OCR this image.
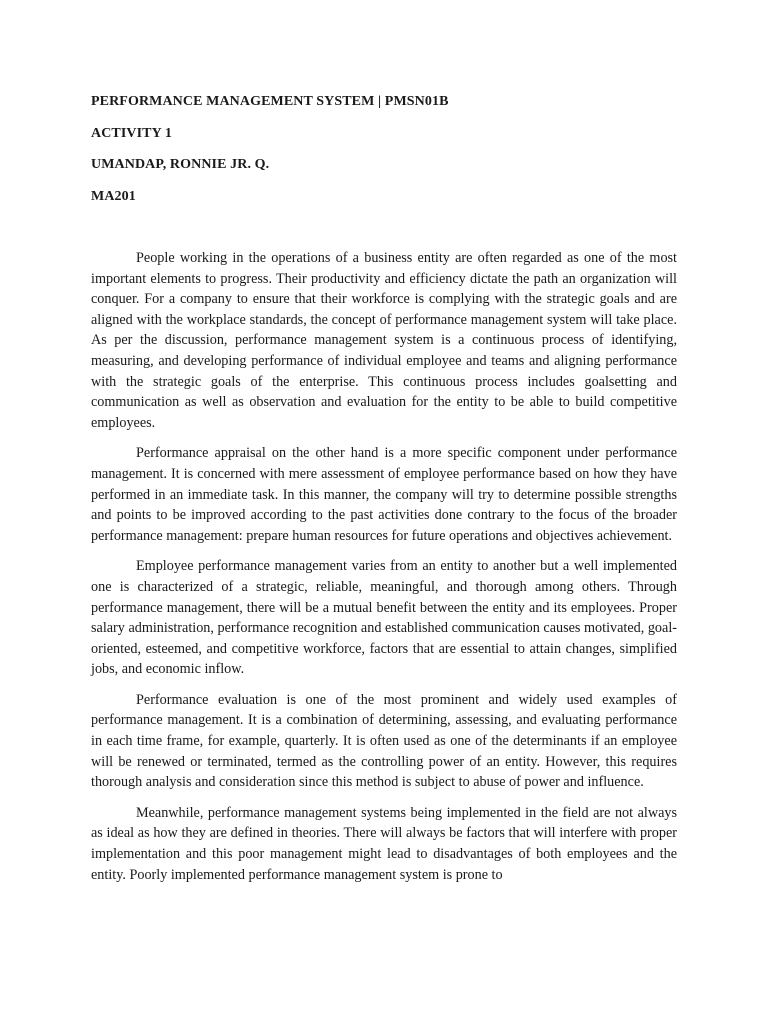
PERFORMANCE MANAGEMENT SYSTEM | PMSN01B
ACTIVITY 1
UMANDAP, RONNIE JR. Q.
MA201

People working in the operations of a business entity are often regarded as one of the most important elements to progress. Their productivity and efficiency dictate the path an organization will conquer. For a company to ensure that their workforce is complying with the strategic goals and are aligned with the workplace standards, the concept of performance management system will take place. As per the discussion, performance management system is a continuous process of identifying, measuring, and developing performance of individual employee and teams and aligning performance with the strategic goals of the enterprise. This continuous process includes goalsetting and communication as well as observation and evaluation for the entity to be able to build competitive employees.

Performance appraisal on the other hand is a more specific component under performance management. It is concerned with mere assessment of employee performance based on how they have performed in an immediate task. In this manner, the company will try to determine possible strengths and points to be improved according to the past activities done contrary to the focus of the broader performance management: prepare human resources for future operations and objectives achievement.

Employee performance management varies from an entity to another but a well implemented one is characterized of a strategic, reliable, meaningful, and thorough among others. Through performance management, there will be a mutual benefit between the entity and its employees. Proper salary administration, performance recognition and established communication causes motivated, goal-oriented, esteemed, and competitive workforce, factors that are essential to attain changes, simplified jobs, and economic inflow.

Performance evaluation is one of the most prominent and widely used examples of performance management. It is a combination of determining, assessing, and evaluating performance in each time frame, for example, quarterly. It is often used as one of the determinants if an employee will be renewed or terminated, termed as the controlling power of an entity. However, this requires thorough analysis and consideration since this method is subject to abuse of power and influence.

Meanwhile, performance management systems being implemented in the field are not always as ideal as how they are defined in theories. There will always be factors that will interfere with proper implementation and this poor management might lead to disadvantages of both employees and the entity. Poorly implemented performance management system is prone to
